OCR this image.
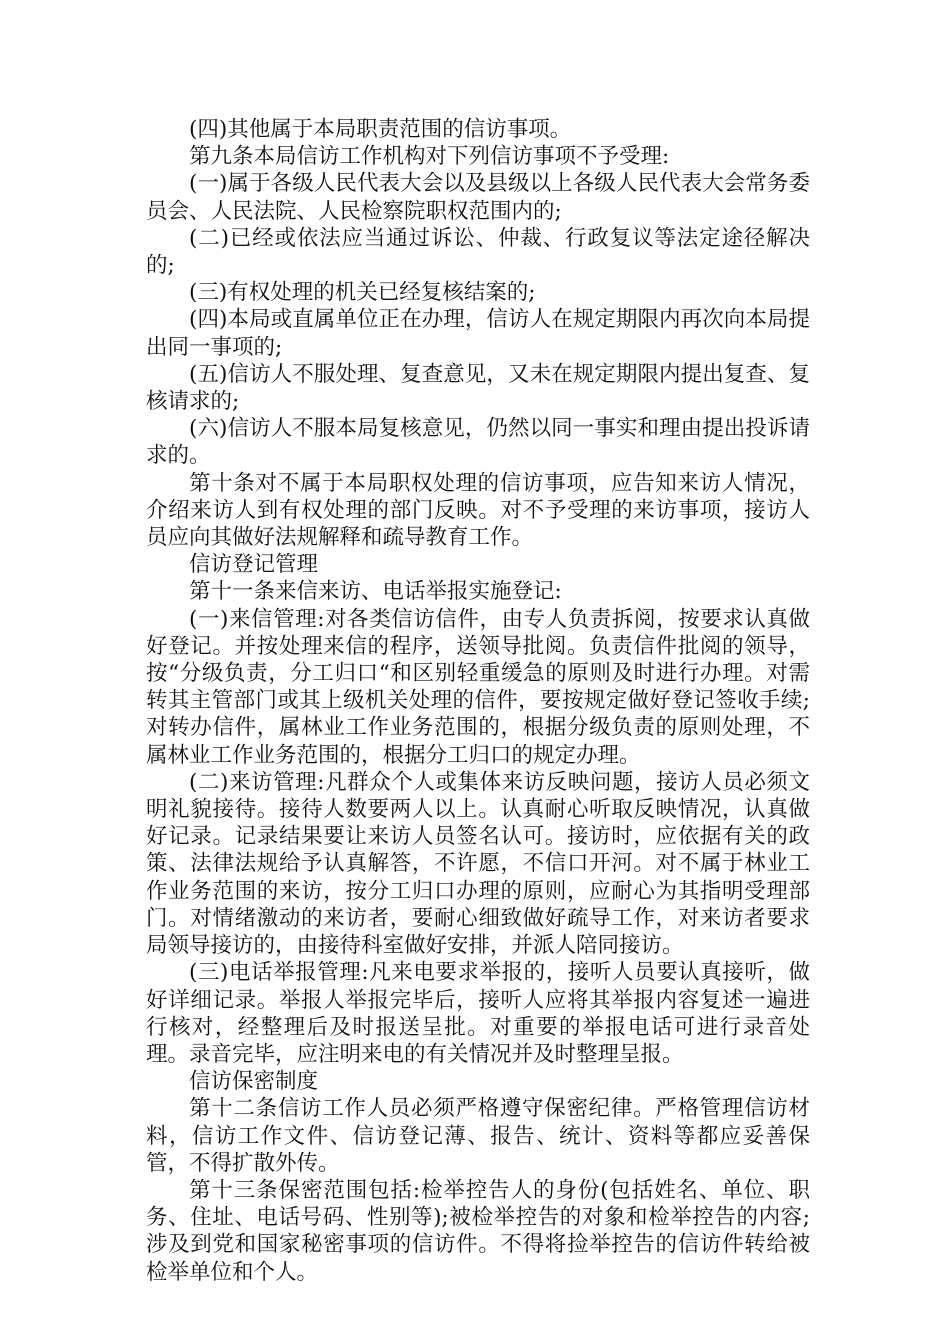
(四)其他属于本局职责范围的信访事项。

第九条本局信访工作机构对下列信访事项不予受理:

(一)属于各级人民代表大会以及县级以上各级人民代表大会常务委员会、人民法院、人民检察院职权范围内的;

(二)已经或依法应当通过诉讼、仲裁、行政复议等法定途径解决的;

(三)有权处理的机关已经复核结案的;

(四)本局或直属单位正在办理，信访人在规定期限内再次向本局提出同一事项的;

(五)信访人不服处理、复查意见，又未在规定期限内提出复查、复核请求的;

(六)信访人不服本局复核意见，仍然以同一事实和理由提出投诉请求的。

第十条对不属于本局职权处理的信访事项，应告知来访人情况，介绍来访人到有权处理的部门反映。对不予受理的来访事项，接访人员应向其做好法规解释和疏导教育工作。

信访登记管理

第十一条来信来访、电话举报实施登记:

(一)来信管理:对各类信访信件，由专人负责拆阅，按要求认真做好登记。并按处理来信的程序，送领导批阅。负责信件批阅的领导，按“分级负责，分工归口“和区别轻重缓急的原则及时进行办理。对需转其主管部门或其上级机关处理的信件，要按规定做好登记签收手续;对转办信件，属林业工作业务范围的，根据分级负责的原则处理，不属林业工作业务范围的，根据分工归口的规定办理。

(二)来访管理:凡群众个人或集体来访反映问题，接访人员必须文明礼貌接待。接待人数要两人以上。认真耐心听取反映情况，认真做好记录。记录结果要让来访人员签名认可。接访时，应依据有关的政策、法律法规给予认真解答，不许愿，不信口开河。对不属于林业工作业务范围的来访，按分工归口办理的原则，应耐心为其指明受理部门。对情绪激动的来访者，要耐心细致做好疏导工作，对来访者要求局领导接访的，由接待科室做好安排，并派人陪同接访。

(三)电话举报管理:凡来电要求举报的，接听人员要认真接听，做好详细记录。举报人举报完毕后，接听人应将其举报内容复述一遍进行核对，经整理后及时报送呈批。对重要的举报电话可进行录音处理。录音完毕，应注明来电的有关情况并及时整理呈报。

信访保密制度

第十二条信访工作人员必须严格遵守保密纪律。严格管理信访材料，信访工作文件、信访登记薄、报告、统计、资料等都应妥善保管，不得扩散外传。

第十三条保密范围包括:检举控告人的身份(包括姓名、单位、职务、住址、电话号码、性别等);被检举控告的对象和检举控告的内容;涉及到党和国家秘密事项的信访件。不得将捡举控告的信访件转给被检举单位和个人。
